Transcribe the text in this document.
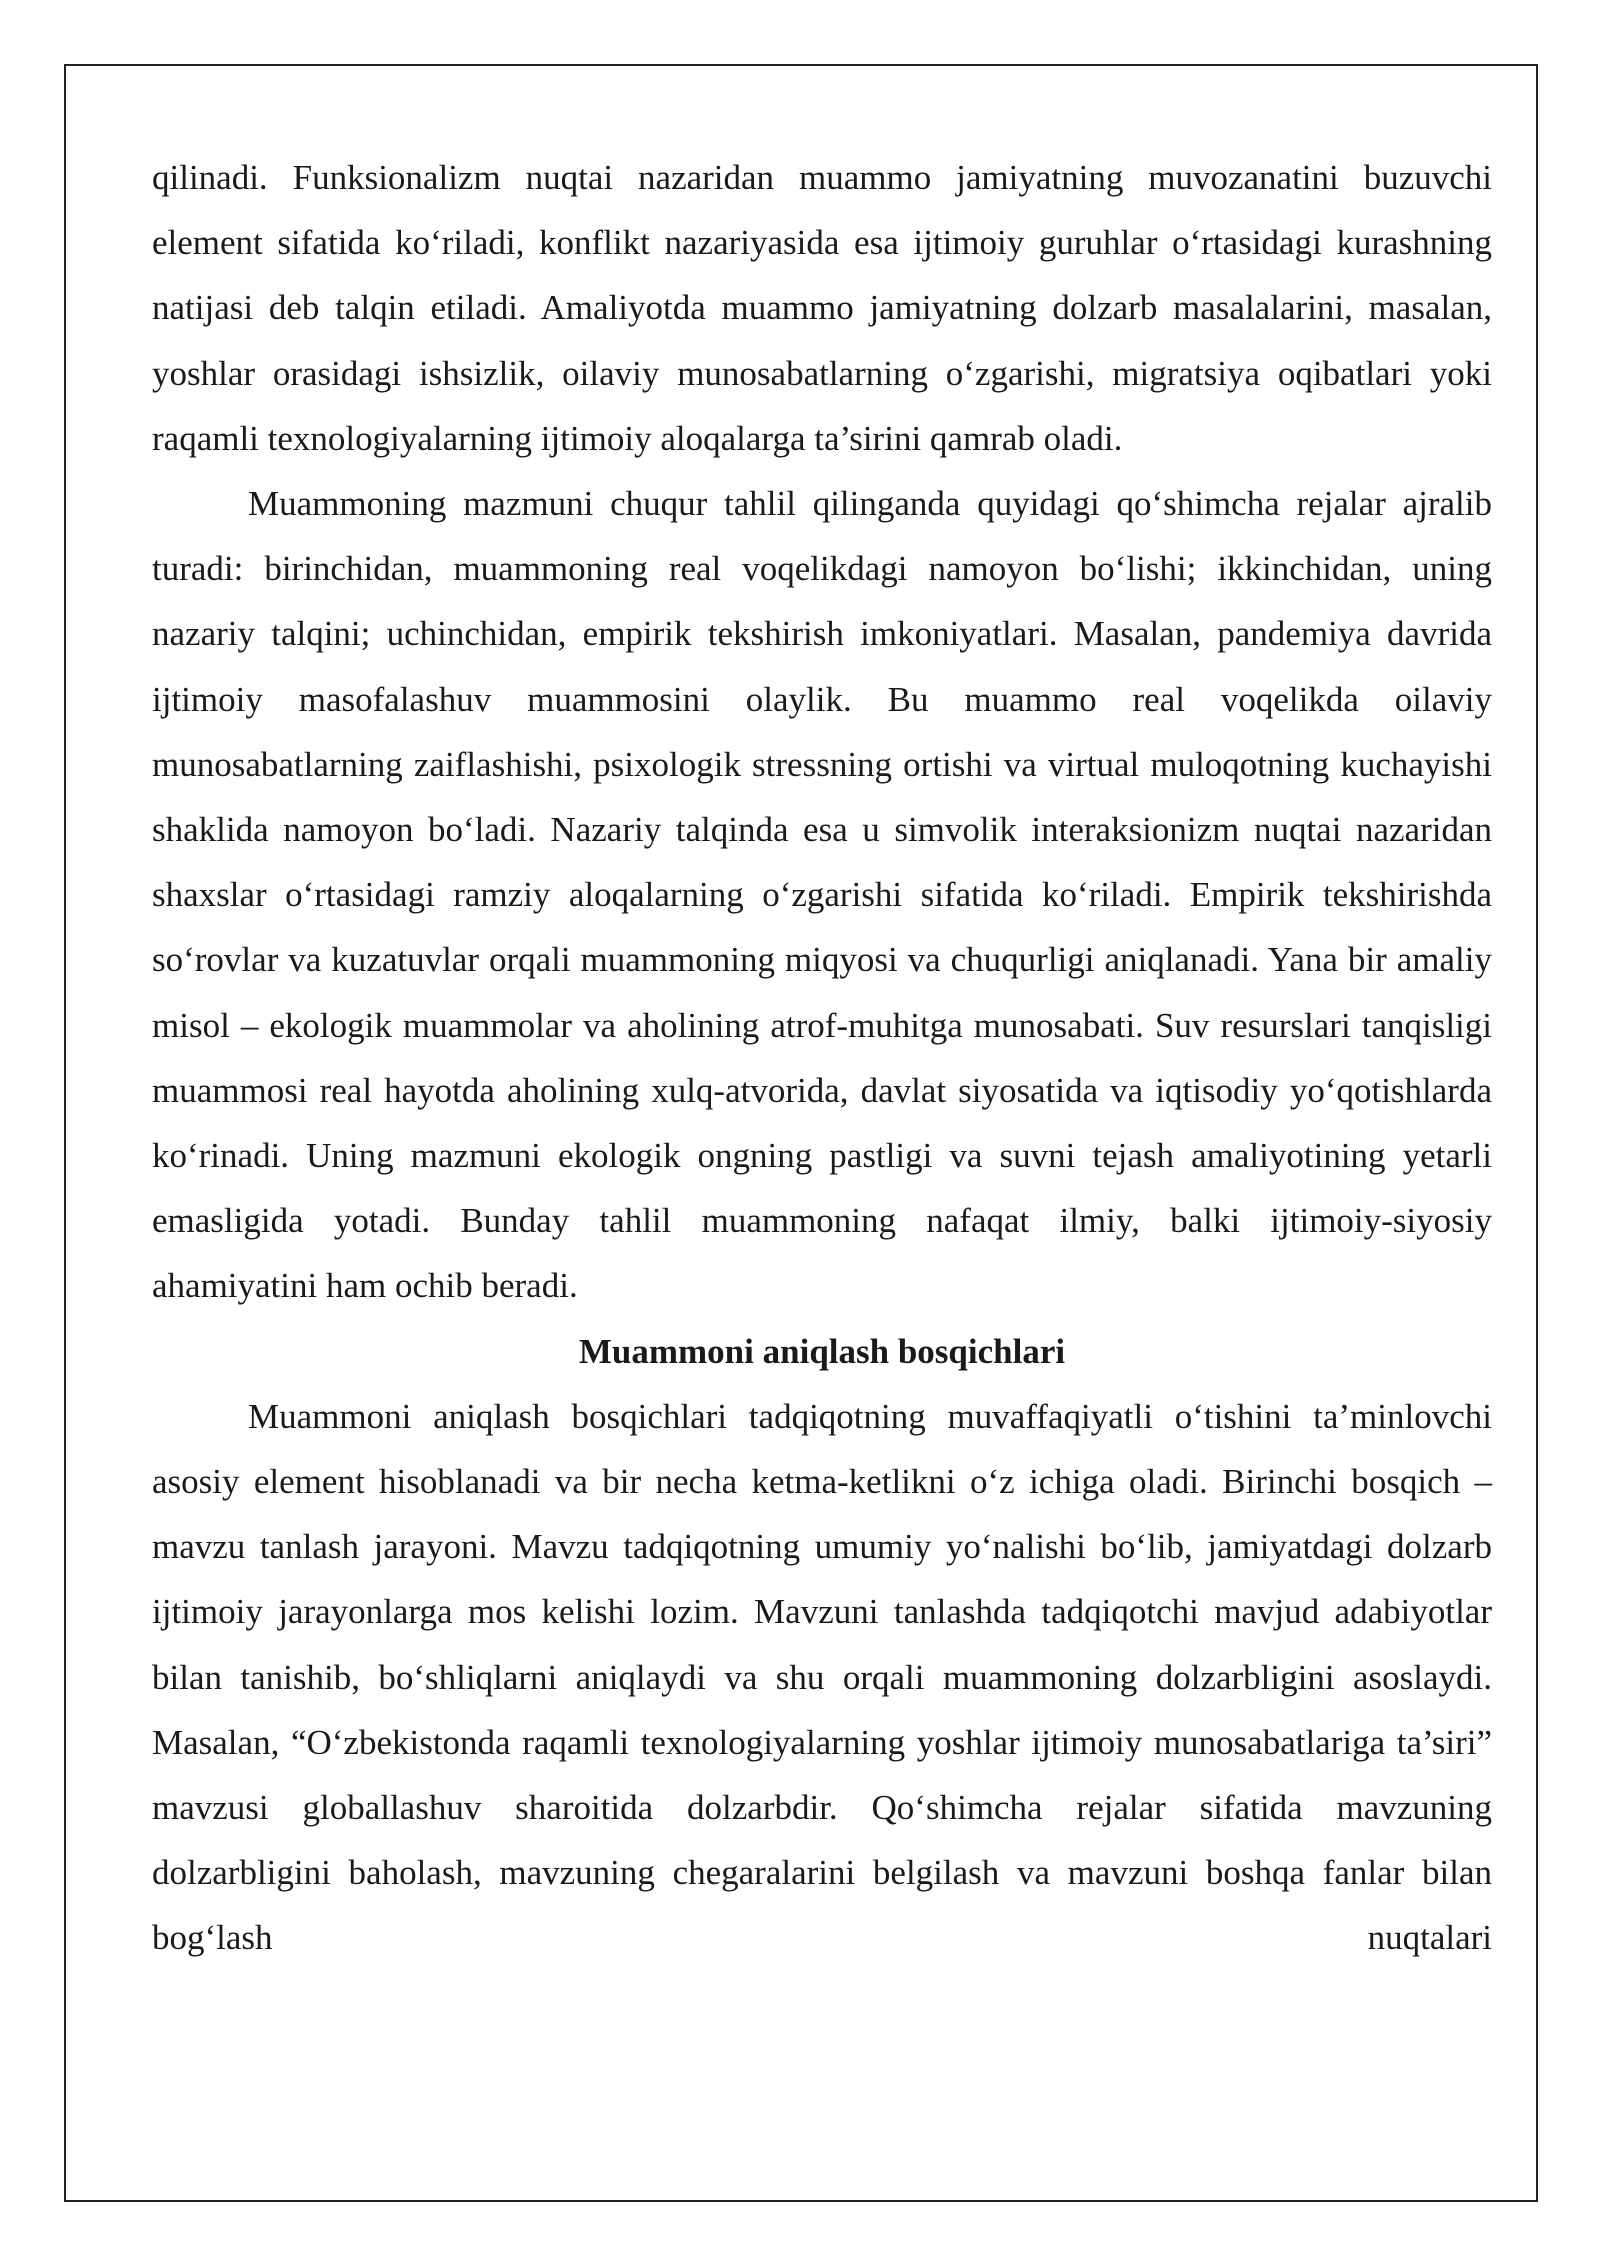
qilinadi. Funksionalizm nuqtai nazaridan muammo jamiyatning muvozanatini buzuvchi element sifatida ko‘riladi, konflikt nazariyasida esa ijtimoiy guruhlar o‘rtasidagi kurashning natijasi deb talqin etiladi. Amaliyotda muammo jamiyatning dolzarb masalalarini, masalan, yoshlar orasidagi ishsizlik, oilaviy munosabatlarning o‘zgarishi, migratsiya oqibatlari yoki raqamli texnologiyalarning ijtimoiy aloqalarga ta’sirini qamrab oladi.

Muammoning mazmuni chuqur tahlil qilinganda quyidagi qo‘shimcha rejalar ajralib turadi: birinchidan, muammoning real voqelikdagi namoyon bo‘lishi; ikkinchidan, uning nazariy talqini; uchinchidan, empirik tekshirish imkoniyatlari. Masalan, pandemiya davrida ijtimoiy masofalashuv muammosini olaylik. Bu muammo real voqelikda oilaviy munosabatlarning zaiflashishi, psixologik stressning ortishi va virtual muloqotning kuchayishi shaklida namoyon bo‘ladi. Nazariy talqinda esa u simvolik interaksionizm nuqtai nazaridan shaxslar o‘rtasidagi ramziy aloqalarning o‘zgarishi sifatida ko‘riladi. Empirik tekshirishda so‘rovlar va kuzatuvlar orqali muammoning miqyosi va chuqurligi aniqlanadi. Yana bir amaliy misol – ekologik muammolar va aholining atrof-muhitga munosabati. Suv resurslari tanqisligi muammosi real hayotda aholining xulq-atvorida, davlat siyosatida va iqtisodiy yo‘qotishlarda ko‘rinadi. Uning mazmuni ekologik ongning pastligi va suvni tejash amaliyotining yetarli emasligida yotadi. Bunday tahlil muammoning nafaqat ilmiy, balki ijtimoiy-siyosiy ahamiyatini ham ochib beradi.

Muammoni aniqlash bosqichlari

Muammoni aniqlash bosqichlari tadqiqotning muvaffaqiyatli o‘tishini ta’minlovchi asosiy element hisoblanadi va bir necha ketma-ketlikni o‘z ichiga oladi. Birinchi bosqich – mavzu tanlash jarayoni. Mavzu tadqiqotning umumiy yo‘nalishi bo‘lib, jamiyatdagi dolzarb ijtimoiy jarayonlarga mos kelishi lozim. Mavzuni tanlashda tadqiqotchi mavjud adabiyotlar bilan tanishib, bo‘shliqlarni aniqlaydi va shu orqali muammoning dolzarbligini asoslaydi. Masalan, “O‘zbekistonda raqamli texnologiyalarning yoshlar ijtimoiy munosabatlariga ta’siri” mavzusi globallashuv sharoitida dolzarbdir. Qo‘shimcha rejalar sifatida mavzuning dolzarbligini baholash, mavzuning chegaralarini belgilash va mavzuni boshqa fanlar bilan bog‘lash nuqtalari
